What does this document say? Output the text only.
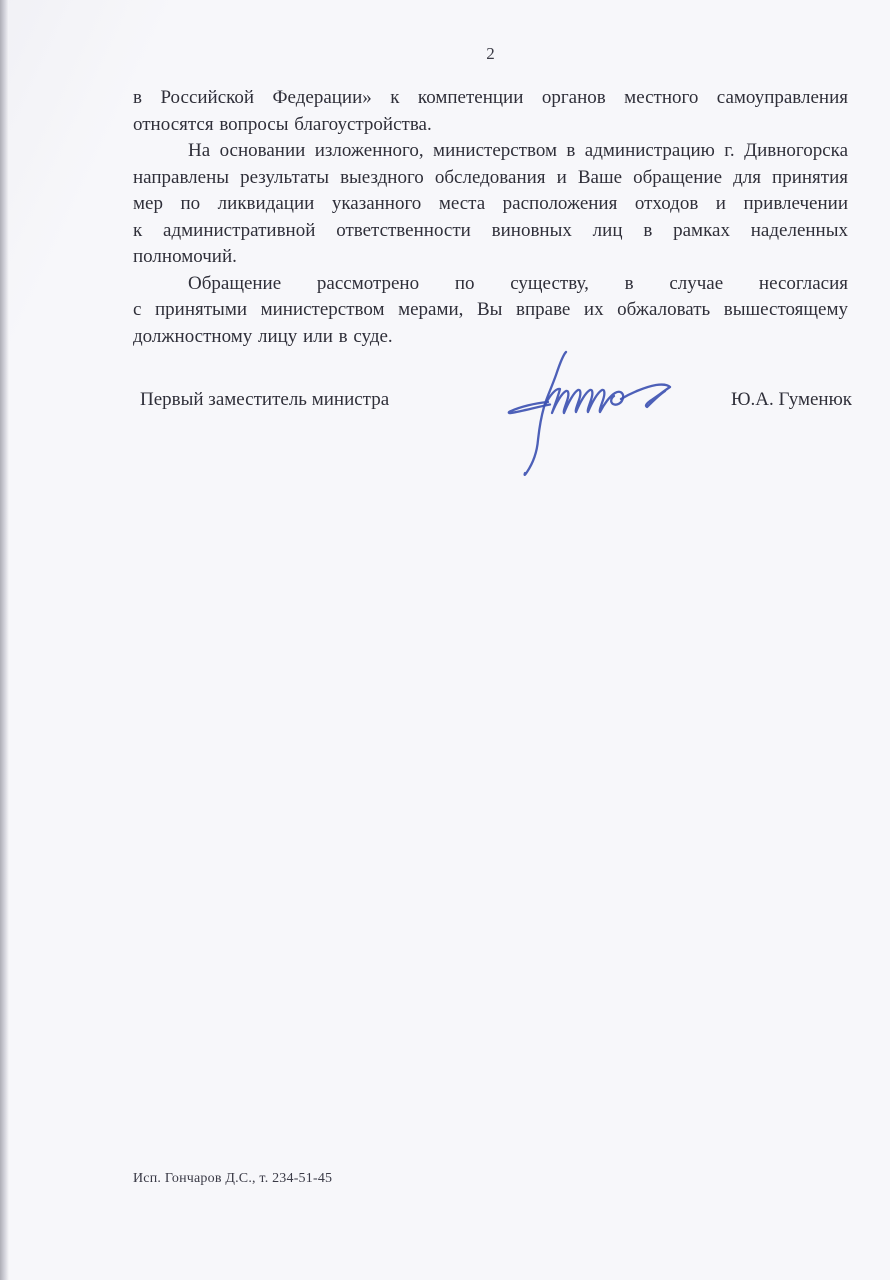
2

в Российской Федерации» к компетенции органов местного самоуправления
относятся вопросы благоустройства.

На основании изложенного, министерством в администрацию г. Дивногорска
направлены результаты выездного обследования и Ваше обращение для принятия
мер по ликвидации указанного места расположения отходов и привлечении
к административной ответственности виновных лиц в рамках наделенных
полномочий.

Обращение рассмотрено по существу, в случае несогласия
с принятыми министерством мерами, Вы вправе их обжаловать вышестоящему
должностному лицу или в суде.

Первый заместитель министра	Ю.А. Гуменюк
Исп. Гончаров Д.С., т. 234-51-45
